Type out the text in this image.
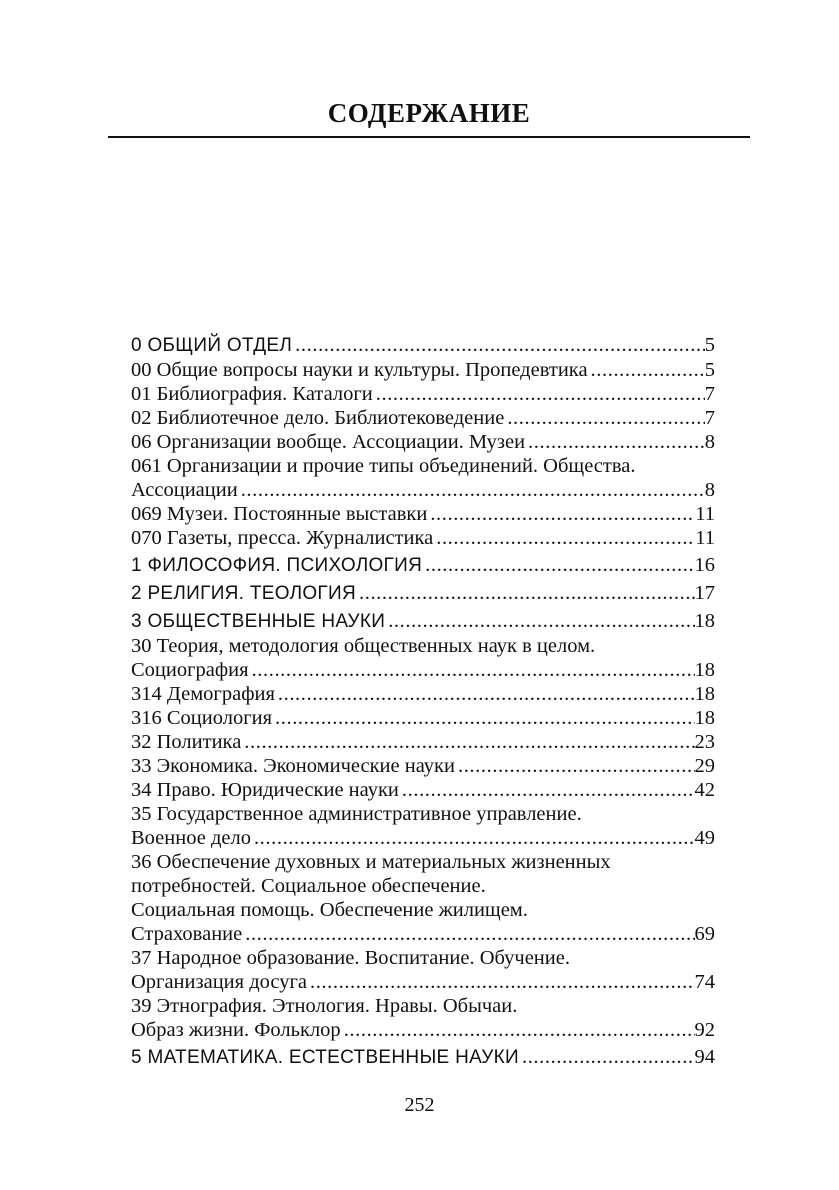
СОДЕРЖАНИЕ
0 ОБЩИЙ ОТДЕЛ .....	5
00 Общие вопросы науки и культуры. Пропедевтика .....	5
01 Библиография. Каталоги .....	7
02 Библиотечное дело. Библиотековедение .....	7
06 Организации вообще. Ассоциации. Музеи .....	8
061 Организации и прочие типы объединений. Общества.
Ассоциации .....	8
069 Музеи. Постоянные выставки .....	11
070 Газеты, пресса. Журналистика .....	11
1 ФИЛОСОФИЯ. ПСИХОЛОГИЯ .....	16
2 РЕЛИГИЯ. ТЕОЛОГИЯ .....	17
3 ОБЩЕСТВЕННЫЕ НАУКИ .....	18
30 Теория, методология общественных наук в целом.
Социография .....	18
314 Демография .....	18
316 Социология .....	18
32 Политика .....	23
33 Экономика. Экономические науки .....	29
34 Право. Юридические науки .....	42
35 Государственное административное управление.
Военное дело .....	49
36 Обеспечение духовных и материальных жизненных
потребностей. Социальное обеспечение.
Социальная помощь. Обеспечение жилищем.
Страхование .....	69
37 Народное образование. Воспитание. Обучение.
Организация досуга .....	74
39 Этнография. Этнология. Нравы. Обычаи.
Образ жизни. Фольклор .....	92
5 МАТЕМАТИКА. ЕСТЕСТВЕННЫЕ НАУКИ .....	94

252
